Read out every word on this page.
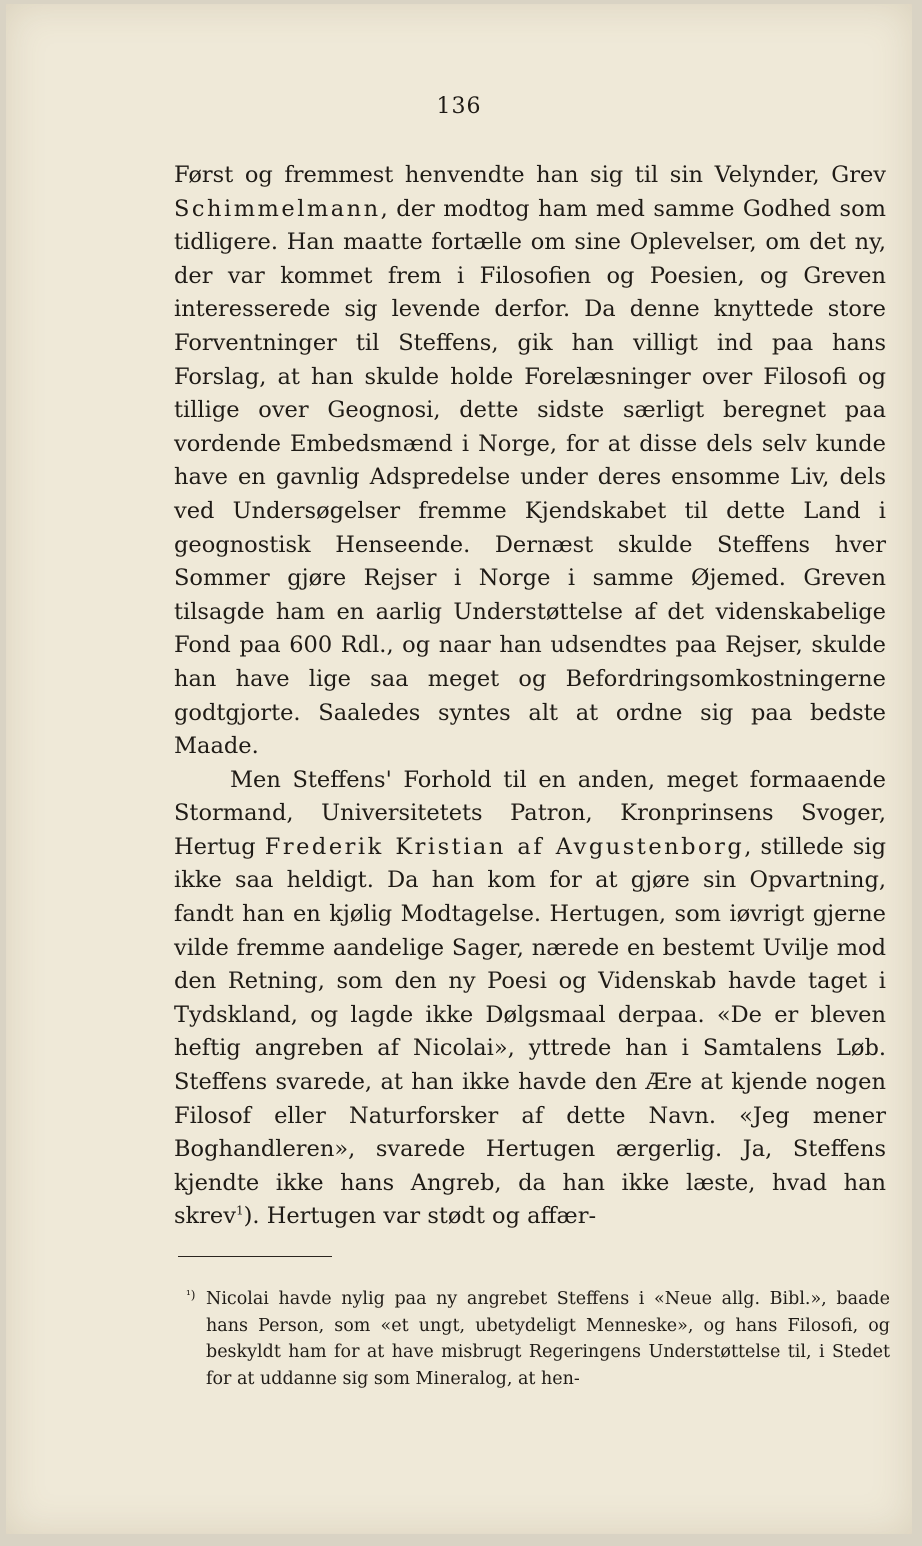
136

Først og fremmest henvendte han sig til sin Velynder, Grev Schimmelmann, der modtog ham med samme Godhed som tidligere. Han maatte fortælle om sine Oplevelser, om det ny, der var kommet frem i Filosofien og Poesien, og Greven interesserede sig levende derfor. Da denne knyttede store Forventninger til Steffens, gik han villigt ind paa hans Forslag, at han skulde holde Forelæsninger over Filosofi og tillige over Geognosi, dette sidste særligt beregnet paa vordende Embedsmænd i Norge, for at disse dels selv kunde have en gavnlig Adspredelse under deres ensomme Liv, dels ved Undersøgelser fremme Kjendskabet til dette Land i geognostisk Henseende. Dernæst skulde Steffens hver Sommer gjøre Rejser i Norge i samme Øjemed. Greven tilsagde ham en aarlig Understøttelse af det videnskabelige Fond paa 600 Rdl., og naar han udsendtes paa Rejser, skulde han have lige saa meget og Befordringsomkostningerne godtgjorte. Saaledes syntes alt at ordne sig paa bedste Maade.

Men Steffens' Forhold til en anden, meget formaaende Stormand, Universitetets Patron, Kronprinsens Svoger, Hertug Frederik Kristian af Avgustenborg, stillede sig ikke saa heldigt. Da han kom for at gjøre sin Opvartning, fandt han en kjølig Modtagelse. Hertugen, som iøvrigt gjerne vilde fremme aandelige Sager, nærede en bestemt Uvilje mod den Retning, som den ny Poesi og Videnskab havde taget i Tydskland, og lagde ikke Dølgsmaal derpaa. «De er bleven heftig angreben af Nicolai», yttrede han i Samtalens Løb. Steffens svarede, at han ikke havde den Ære at kjende nogen Filosof eller Naturforsker af dette Navn. «Jeg mener Boghandleren», svarede Hertugen ærgerlig. Ja, Steffens kjendte ikke hans Angreb, da han ikke læste, hvad han skrev$^1$). Hertugen var stødt og affær-

¹) Nicolai havde nylig paa ny angrebet Steffens i «Neue allg. Bibl.», baade hans Person, som «et ungt, ubetydeligt Menneske», og hans Filosofi, og beskyldt ham for at have misbrugt Regeringens Understøttelse til, i Stedet for at uddanne sig som Mineralog, at hen-
